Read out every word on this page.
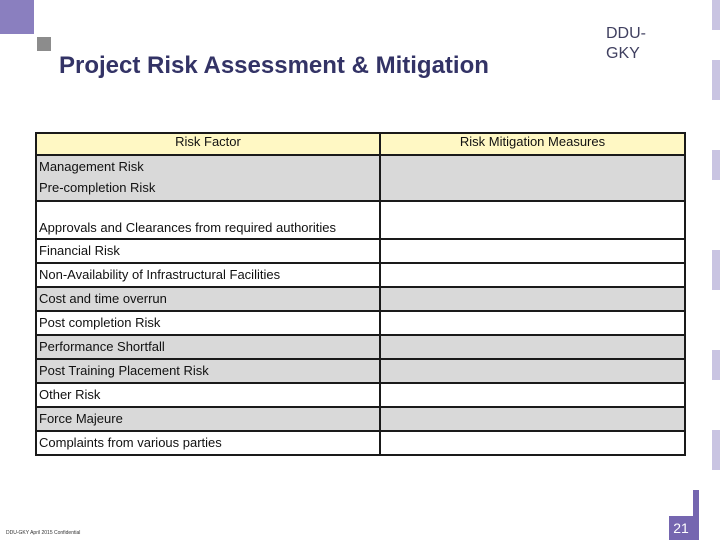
Project Risk Assessment & Mitigation
DDU-GKY
Risk Factor	Risk Mitigation Measures

Management Risk
Pre-completion Risk	

Approvals and Clearances from required authorities	

Financial Risk	

Non-Availability of Infrastructural Facilities	

Cost and time overrun	

Post completion Risk	

Performance Shortfall	

Post Training Placement Risk	

Other Risk	

Force Majeure	

Complaints from various parties	

21
DDU-GKY April 2015 Confidential
